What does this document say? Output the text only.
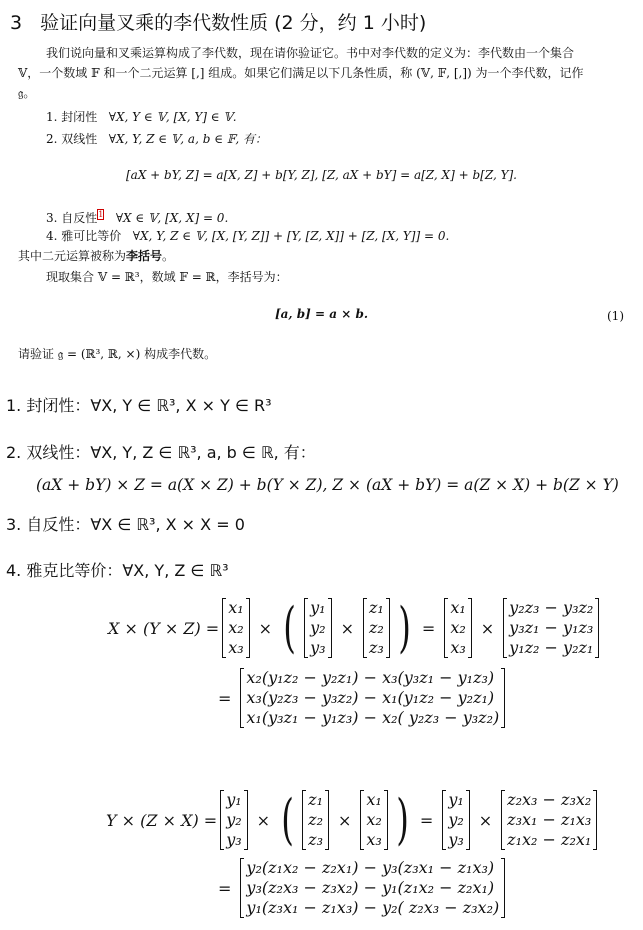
3 验证向量叉乘的李代数性质 (2 分，约 1 小时)
我们说向量和叉乘运算构成了李代数，现在请你验证它。书中对李代数的定义为：李代数由一个集合
𝕍，一个数域 𝔽 和一个二元运算 [,] 组成。如果它们满足以下几条性质，称 (𝕍, 𝔽, [,]) 为一个李代数，记作
𝔤。
1. 封闭性 ∀X, Y ∈ 𝕍, [X, Y] ∈ 𝕍.
2. 双线性 ∀X, Y, Z ∈ 𝕍, a, b ∈ 𝔽, 有：
[aX + bY, Z] = a[X, Z] + b[Y, Z], [Z, aX + bY] = a[Z, X] + b[Z, Y].
3. 自反性$^1$ ∀X ∈ 𝕍, [X, X] = 0.
4. 雅可比等价 ∀X, Y, Z ∈ 𝕍, [X, [Y, Z]] + [Y, [Z, X]] + [Z, [X, Y]] = 0.
其中二元运算被称为李括号。
现取集合 𝕍 = ℝ³，数域 𝔽 = ℝ，李括号为：
[a, b] = a × b.	(1)
请验证 𝔤 = (ℝ³, ℝ, ×) 构成李代数。
1. 封闭性：∀X, Y ∈ ℝ³, X × Y ∈ R³
2. 双线性：∀X, Y, Z ∈ ℝ³, a, b ∈ ℝ, 有：
(aX + bY) × Z = a(X × Z) + b(Y × Z), Z × (aX + bY) = a(Z × X) + b(Z × Y)
3. 自反性：∀X ∈ ℝ³, X × X = 0
4. 雅克比等价：∀X, Y, Z ∈ ℝ³
X × (Y × Z) =
x₁
x₂
x₃
× ( y₁
y₂
y₃
×
z₁
z₂
z₃ ) =
x₁
x₂
x₃
×
y₂z₃ − y₃z₂
y₃z₁ − y₁z₃
y₁z₂ − y₂z₁
=
x₂(y₁z₂ − y₂z₁) − x₃(y₃z₁ − y₁z₃)
x₃(y₂z₃ − y₃z₂) − x₁(y₁z₂ − y₂z₁)
x₁(y₃z₁ − y₁z₃) − x₂( y₂z₃ − y₃z₂)
Y × (Z × X) =
y₁
y₂
y₃
× ( z₁
z₂
z₃
×
x₁
x₂
x₃ ) =
y₁
y₂
y₃
×
z₂x₃ − z₃x₂
z₃x₁ − z₁x₃
z₁x₂ − z₂x₁
=
y₂(z₁x₂ − z₂x₁) − y₃(z₃x₁ − z₁x₃)
y₃(z₂x₃ − z₃x₂) − y₁(z₁x₂ − z₂x₁)
y₁(z₃x₁ − z₁x₃) − y₂( z₂x₃ − z₃x₂)
